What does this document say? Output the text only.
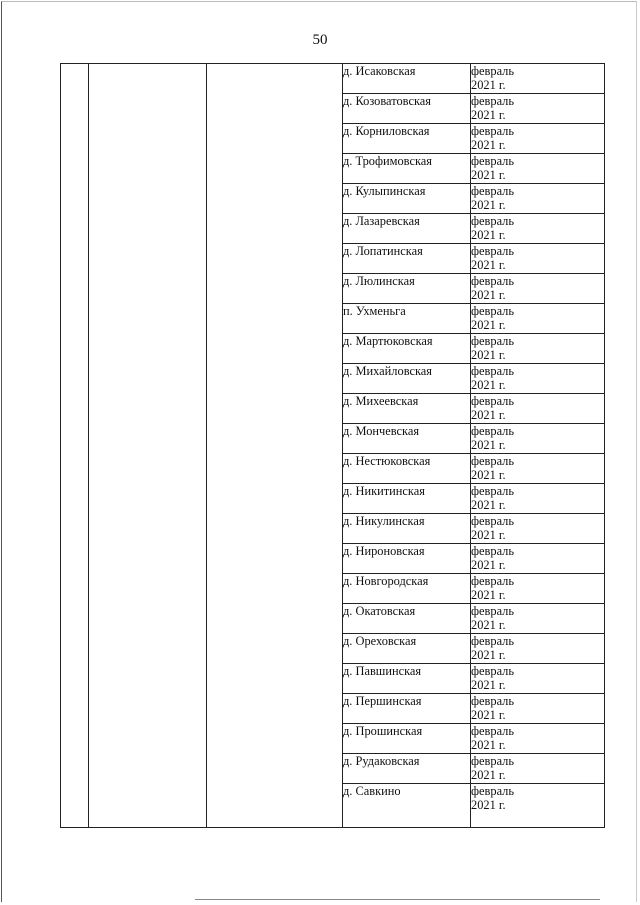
50
			д. Исаковская	февраль
2021 г.

			д. Козоватовская	февраль
2021 г.

			д. Корниловская	февраль
2021 г.

			д. Трофимовская	февраль
2021 г.

			д. Кулыпинская	февраль
2021 г.

			д. Лазаревская	февраль
2021 г.

			д. Лопатинская	февраль
2021 г.

			д. Люлинская	февраль
2021 г.

			п. Ухменьга	февраль
2021 г.

			д. Мартюковская	февраль
2021 г.

			д. Михайловская	февраль
2021 г.

			д. Михеевская	февраль
2021 г.

			д. Мончевская	февраль
2021 г.

			д. Нестюковская	февраль
2021 г.

			д. Никитинская	февраль
2021 г.

			д. Никулинская	февраль
2021 г.

			д. Нироновская	февраль
2021 г.

			д. Новгородская	февраль
2021 г.

			д. Окатовская	февраль
2021 г.

			д. Ореховская	февраль
2021 г.

			д. Павшинская	февраль
2021 г.

			д. Першинская	февраль
2021 г.

			д. Прошинская	февраль
2021 г.

			д. Рудаковская	февраль
2021 г.

			д. Савкино	февраль
2021 г.
